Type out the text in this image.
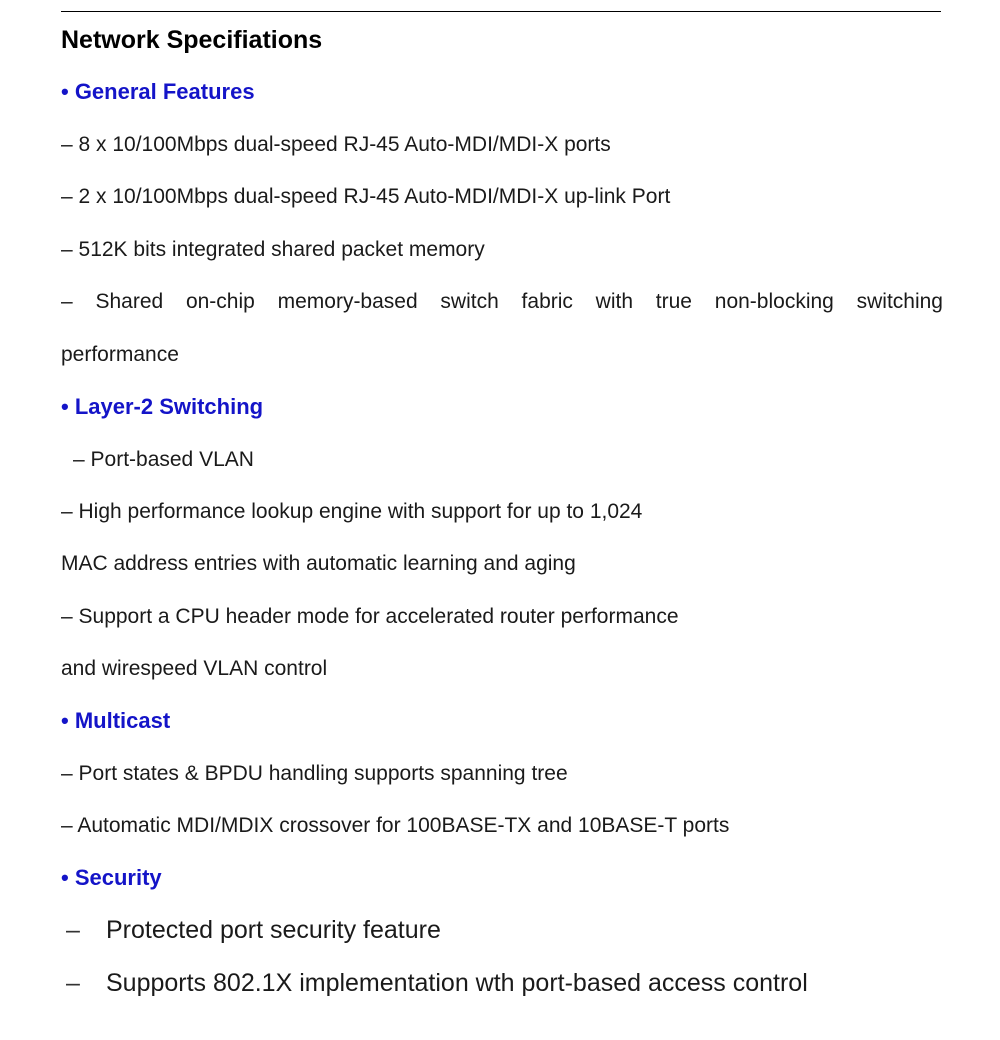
Network Specifiations
• General Features
– 8 x 10/100Mbps dual-speed RJ-45 Auto-MDI/MDI-X ports
– 2 x 10/100Mbps dual-speed RJ-45 Auto-MDI/MDI-X up-link Port
– 512K bits integrated shared packet memory
– Shared on-chip memory-based switch fabric with true non-blocking switching
performance
• Layer-2 Switching
– Port-based VLAN
– High performance lookup engine with support for up to 1,024
MAC address entries with automatic learning and aging
– Support a CPU header mode for accelerated router performance
and wirespeed VLAN control
• Multicast
– Port states & BPDU handling supports spanning tree
– Automatic MDI/MDIX crossover for 100BASE-TX and 10BASE-T ports
• Security
– Protected port security feature
– Supports 802.1X implementation wth port-based access control
